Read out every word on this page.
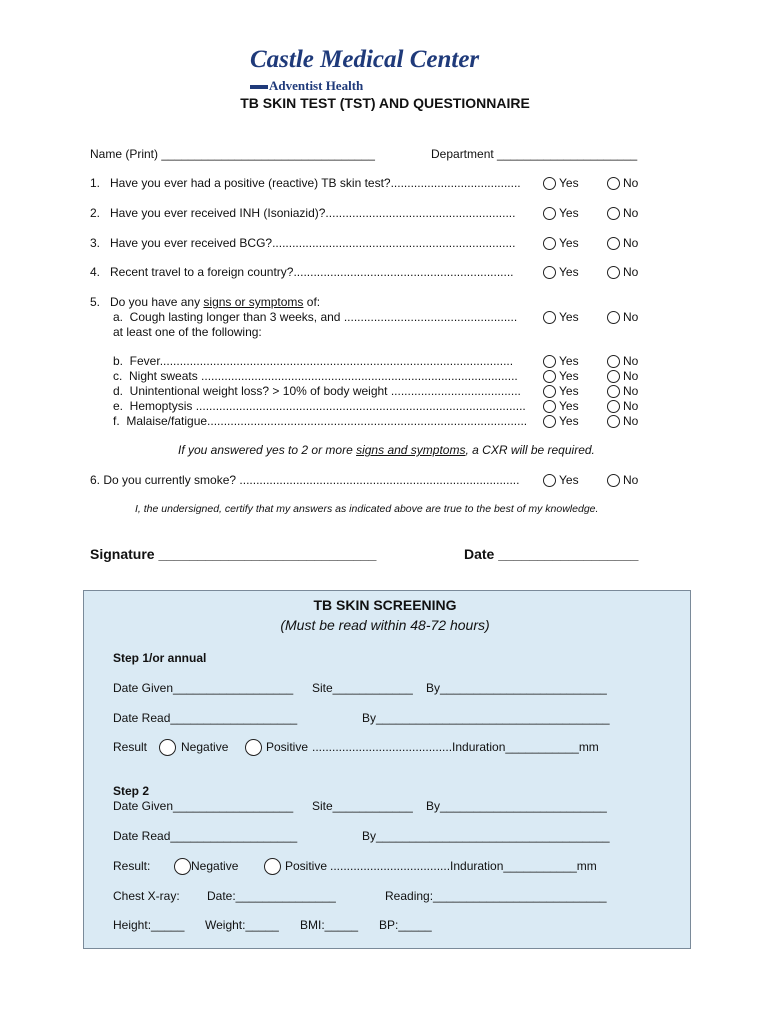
Castle Medical Center
Adventist Health
TB SKIN TEST (TST) AND QUESTIONNAIRE
Name (Print) ________________________________	Department _____________________
1.   Have you ever had a positive (reactive) TB skin test?.......................................	Yes	No
2.   Have you ever received INH (Isoniazid)?.........................................................	Yes	No
3.   Have you ever received BCG?.........................................................................	Yes	No
4.   Recent travel to a foreign country?..................................................................	Yes	No
5.   Do you have any signs or symptoms of:
a.  Cough lasting longer than 3 weeks, and ....................................................	Yes	No
at least one of the following:
b.  Fever..........................................................................................................	Yes	No
c.  Night sweats ...............................................................................................	Yes	No
d.  Unintentional weight loss? > 10% of body weight .......................................	Yes	No
e.  Hemoptysis ...................................................................................................	Yes	No
f.  Malaise/fatigue................................................................................................	Yes	No
If you answered yes to 2 or more signs and symptoms, a CXR will be required.
6. Do you currently smoke? ....................................................................................	Yes	No
I, the undersigned, certify that my answers as indicated above are true to the best of my knowledge.
Signature ____________________________	Date __________________
TB SKIN SCREENING
(Must be read within 48-72 hours)
Step 1/or annual
Date Given__________________ Site____________ By_________________________
Date Read___________________	By___________________________________
Result	Negative	Positive ..........................................Induration___________mm
Step 2
Date Given__________________ Site____________ By_________________________
Date Read___________________	By___________________________________
Result:	Negative	Positive ....................................Induration___________mm
Chest X-ray: Date:_______________	Reading:__________________________
Height:_____ Weight:_____ BMI:_____ BP:_____
